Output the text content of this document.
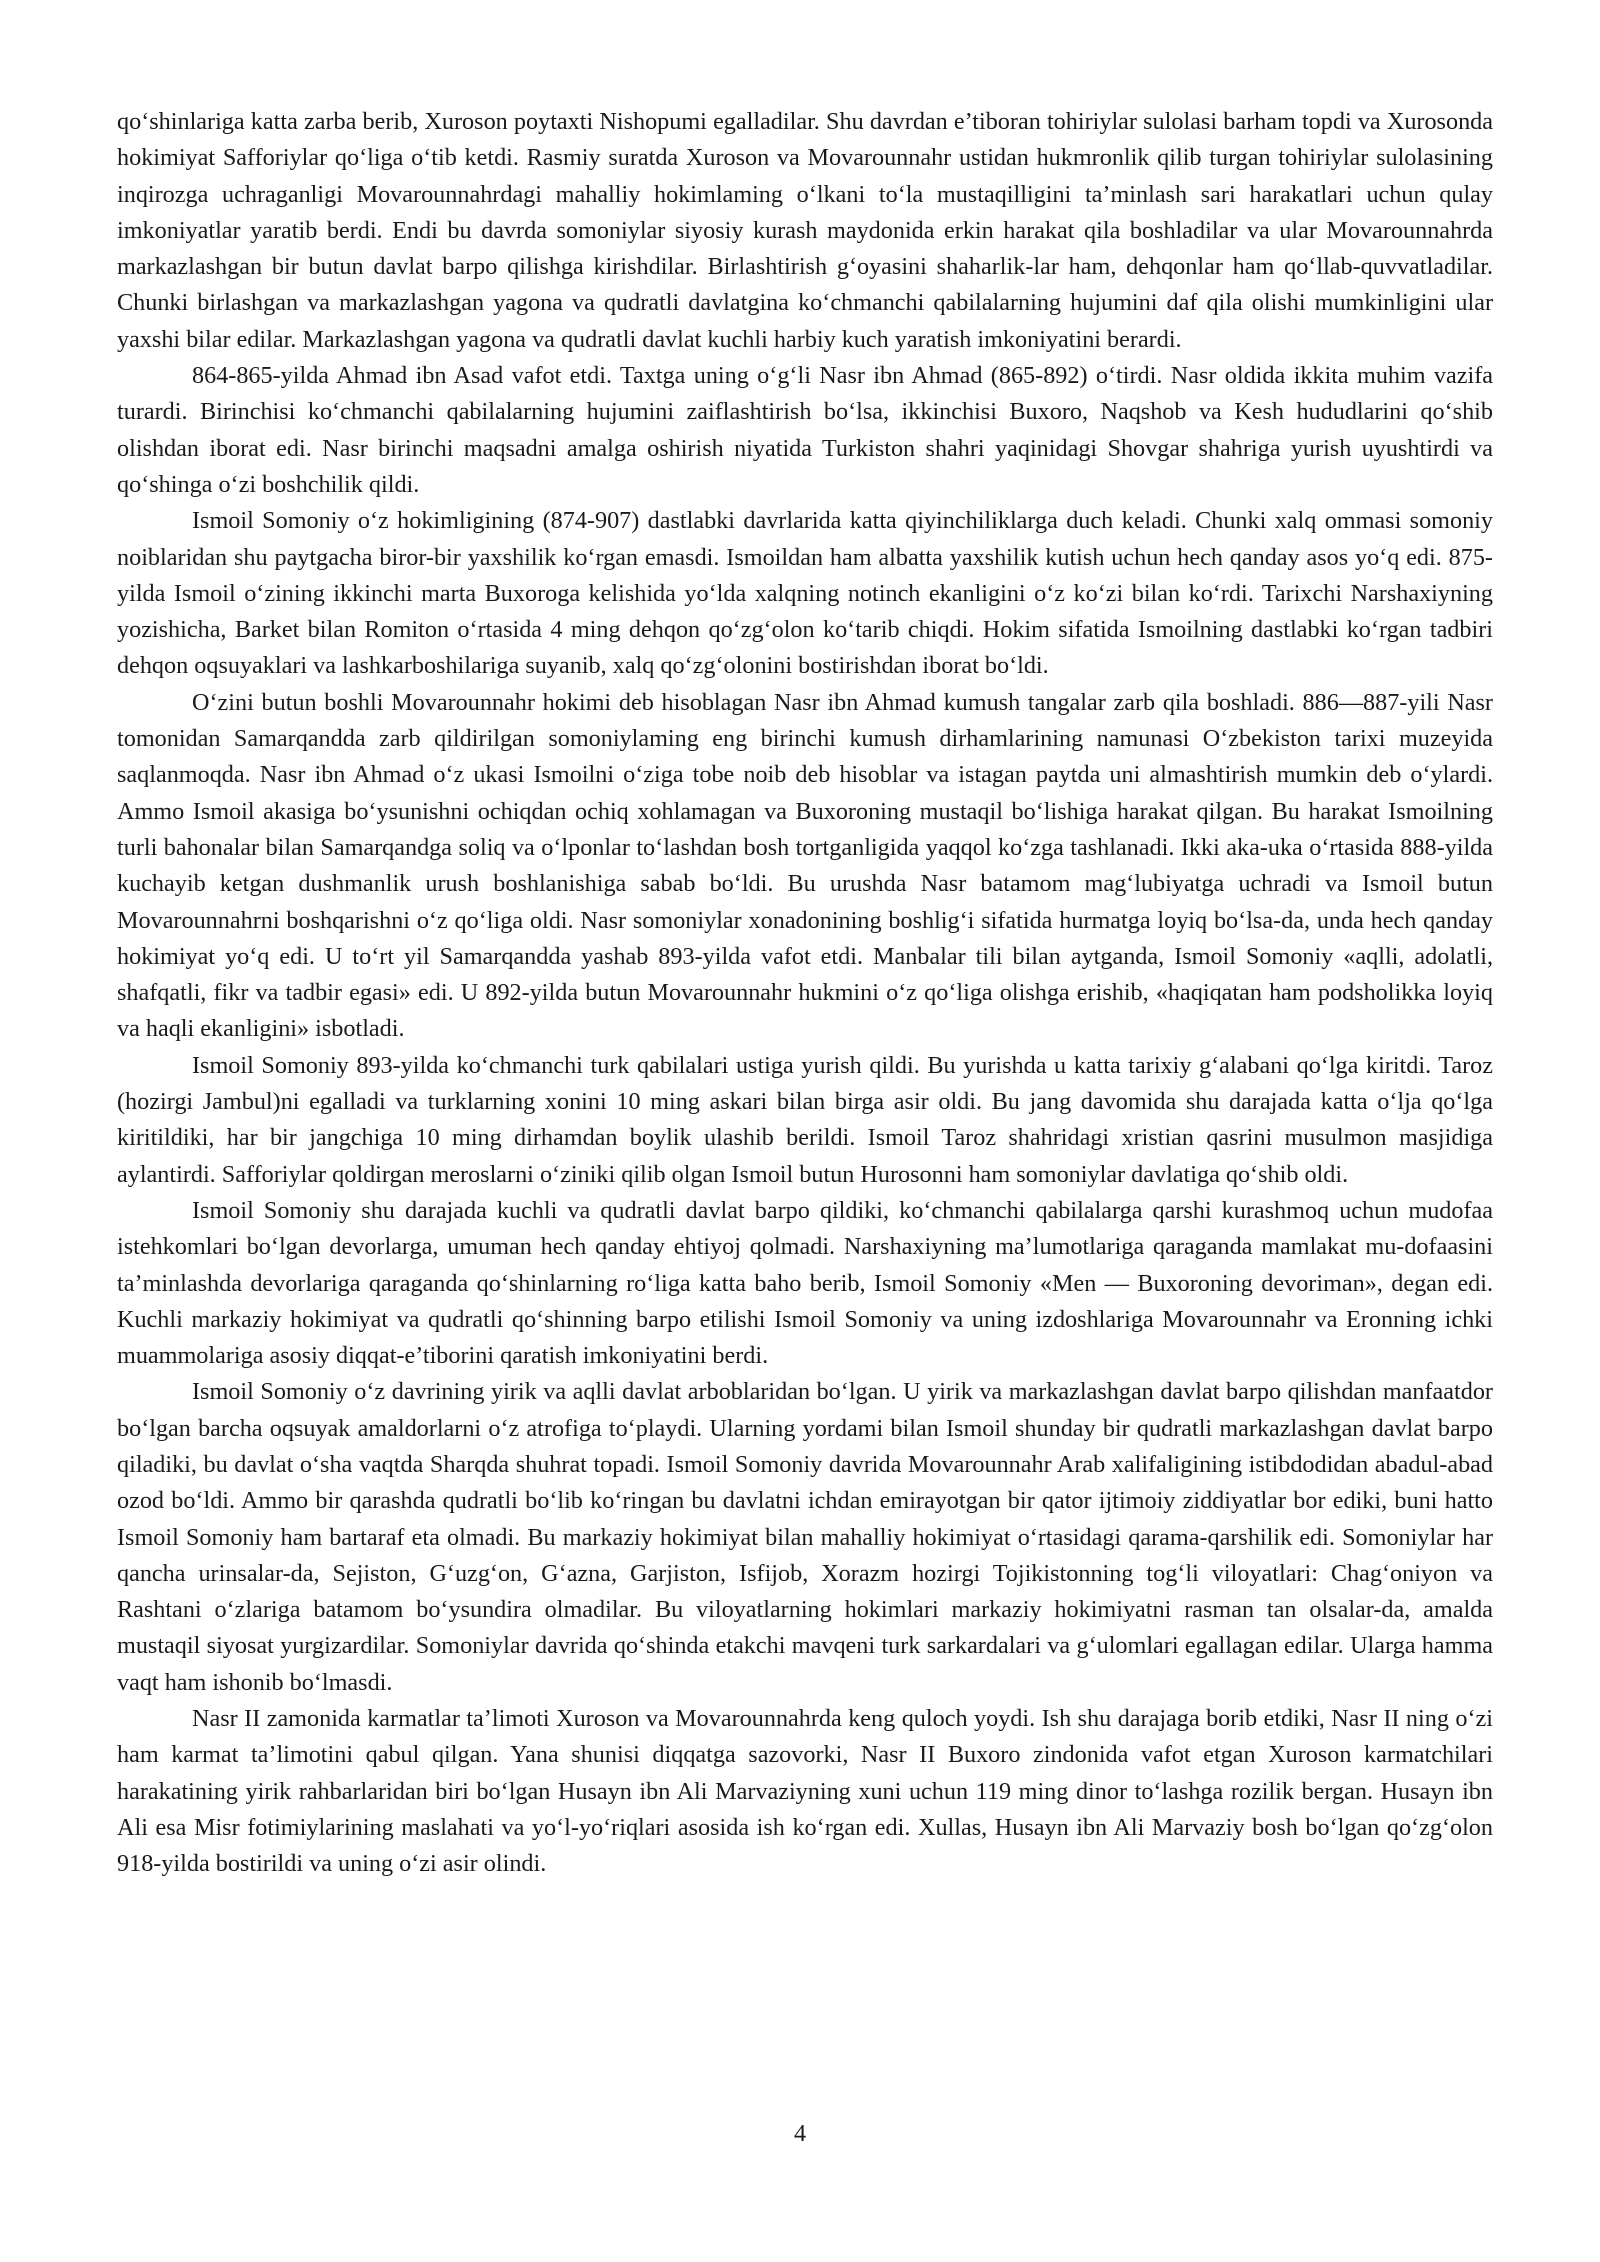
qo‘shinlariga katta zarba berib, Xuroson poytaxti Nishopumi egalladilar. Shu davrdan e’tiboran tohiriylar sulolasi barham topdi va Xurosonda hokimiyat Safforiylar qo‘liga o‘tib ketdi. Rasmiy suratda Xuroson va Movarounnahr ustidan hukmronlik qilib turgan tohiriylar sulolasining inqirozga uchraganligi Movarounnahrdagi mahalliy hokimlaming o‘lkani to‘la mustaqilligini ta’minlash sari harakatlari uchun qulay imkoniyatlar yaratib berdi. Endi bu davrda somoniylar siyosiy kurash maydonida erkin harakat qila boshladilar va ular Movarounnahrda markazlashgan bir butun davlat barpo qilishga kirishdilar. Birlashtirish g‘oyasini shaharlik-lar ham, dehqonlar ham qo‘llab-quvvatladilar. Chunki birlashgan va markazlashgan yagona va qudratli davlatgina ko‘chmanchi qabilalarning hujumini daf qila olishi mumkinligini ular yaxshi bilar edilar. Markazlashgan yagona va qudratli davlat kuchli harbiy kuch yaratish imkoniyatini berardi.

864-865-yilda Ahmad ibn Asad vafot etdi. Taxtga uning o‘g‘li Nasr ibn Ahmad (865-892) o‘tirdi. Nasr oldida ikkita muhim vazifa turardi. Birinchisi ko‘chmanchi qabilalarning hujumini zaiflashtirish bo‘lsa, ikkinchisi Buxoro, Naqshob va Kesh hududlarini qo‘shib olishdan iborat edi. Nasr birinchi maqsadni amalga oshirish niyatida Turkiston shahri yaqinidagi Shovgar shahriga yurish uyushtirdi va qo‘shinga o‘zi boshchilik qildi.

Ismoil Somoniy o‘z hokimligining (874-907) dastlabki davrlarida katta qiyinchiliklarga duch keladi. Chunki xalq ommasi somoniy noiblaridan shu paytgacha biror-bir yaxshilik ko‘rgan emasdi. Ismoildan ham albatta yaxshilik kutish uchun hech qanday asos yo‘q edi. 875-yilda Ismoil o‘zining ikkinchi marta Buxoroga kelishida yo‘lda xalqning notinch ekanligini o‘z ko‘zi bilan ko‘rdi. Tarixchi Narshaxiyning yozishicha, Barket bilan Romiton o‘rtasida 4 ming dehqon qo‘zg‘olon ko‘tarib chiqdi. Hokim sifatida Ismoilning dastlabki ko‘rgan tadbiri dehqon oqsuyaklari va lashkarboshilariga suyanib, xalq qo‘zg‘olonini bostirishdan iborat bo‘ldi.

O‘zini butun boshli Movarounnahr hokimi deb hisoblagan Nasr ibn Ahmad kumush tangalar zarb qila boshladi. 886—887-yili Nasr tomonidan Samarqandda zarb qildirilgan somoniylaming eng birinchi kumush dirhamlarining namunasi O‘zbekiston tarixi muzeyida saqlanmoqda. Nasr ibn Ahmad o‘z ukasi Ismoilni o‘ziga tobe noib deb hisoblar va istagan paytda uni almashtirish mumkin deb o‘ylardi. Ammo Ismoil akasiga bo‘ysunishni ochiqdan ochiq xohlamagan va Buxoroning mustaqil bo‘lishiga harakat qilgan. Bu harakat Ismoilning turli bahonalar bilan Samarqandga soliq va o‘lponlar to‘lashdan bosh tortganligida yaqqol ko‘zga tashlanadi. Ikki aka-uka o‘rtasida 888-yilda kuchayib ketgan dushmanlik urush boshlanishiga sabab bo‘ldi. Bu urushda Nasr batamom mag‘lubiyatga uchradi va Ismoil butun Movarounnahrni boshqarishni o‘z qo‘liga oldi. Nasr somoniylar xonadonining boshlig‘i sifatida hurmatga loyiq bo‘lsa-da, unda hech qanday hokimiyat yo‘q edi. U to‘rt yil Samarqandda yashab 893-yilda vafot etdi. Manbalar tili bilan aytganda, Ismoil Somoniy «aqlli, adolatli, shafqatli, fikr va tadbir egasi» edi. U 892-yilda butun Movarounnahr hukmini o‘z qo‘liga olishga erishib, «haqiqatan ham podsholikka loyiq va haqli ekanligini» isbotladi.

Ismoil Somoniy 893-yilda ko‘chmanchi turk qabilalari ustiga yurish qildi. Bu yurishda u katta tarixiy g‘alabani qo‘lga kiritdi. Taroz (hozirgi Jambul)ni egalladi va turklarning xonini 10 ming askari bilan birga asir oldi. Bu jang davomida shu darajada katta o‘lja qo‘lga kiritildiki, har bir jangchiga 10 ming dirhamdan boylik ulashib berildi. Ismoil Taroz shahridagi xristian qasrini musulmon masjidiga aylantirdi. Safforiylar qoldirgan meroslarni o‘ziniki qilib olgan Ismoil butun Hurosonni ham somoniylar davlatiga qo‘shib oldi.

Ismoil Somoniy shu darajada kuchli va qudratli davlat barpo qildiki, ko‘chmanchi qabilalarga qarshi kurashmoq uchun mudofaa istehkomlari bo‘lgan devorlarga, umuman hech qanday ehtiyoj qolmadi. Narshaxiyning ma’lumotlariga qaraganda mamlakat mu-dofaasini ta’minlashda devorlariga qaraganda qo‘shinlarning ro‘liga katta baho berib, Ismoil Somoniy «Men — Buxoroning devoriman», degan edi. Kuchli markaziy hokimiyat va qudratli qo‘shinning barpo etilishi Ismoil Somoniy va uning izdoshlariga Movarounnahr va Eronning ichki muammolariga asosiy diqqat-e’tiborini qaratish imkoniyatini berdi.

Ismoil Somoniy o‘z davrining yirik va aqlli davlat arboblaridan bo‘lgan. U yirik va markazlashgan davlat barpo qilishdan manfaatdor bo‘lgan barcha oqsuyak amaldorlarni o‘z atrofiga to‘playdi. Ularning yordami bilan Ismoil shunday bir qudratli markazlashgan davlat barpo qiladiki, bu davlat o‘sha vaqtda Sharqda shuhrat topadi. Ismoil Somoniy davrida Movarounnahr Arab xalifaligining istibdodidan abadul-abad ozod bo‘ldi. Ammo bir qarashda qudratli bo‘lib ko‘ringan bu davlatni ichdan emirayotgan bir qator ijtimoiy ziddiyatlar bor ediki, buni hatto Ismoil Somoniy ham bartaraf eta olmadi. Bu markaziy hokimiyat bilan mahalliy hokimiyat o‘rtasidagi qarama-qarshilik edi. Somoniylar har qancha urinsalar-da, Sejiston, G‘uzg‘on, G‘azna, Garjiston, Isfijob, Xorazm hozirgi Tojikistonning tog‘li viloyatlari: Chag‘oniyon va Rashtani o‘zlariga batamom bo‘ysundira olmadilar. Bu viloyatlarning hokimlari markaziy hokimiyatni rasman tan olsalar-da, amalda mustaqil siyosat yurgizardilar. Somoniylar davrida qo‘shinda etakchi mavqeni turk sarkardalari va g‘ulomlari egallagan edilar. Ularga hamma vaqt ham ishonib bo‘lmasdi.

Nasr II zamonida karmatlar ta’limoti Xuroson va Movarounnahrda keng quloch yoydi. Ish shu darajaga borib etdiki, Nasr II ning o‘zi ham karmat ta’limotini qabul qilgan. Yana shunisi diqqatga sazovorki, Nasr II Buxoro zindonida vafot etgan Xuroson karmatchilari harakatining yirik rahbarlaridan biri bo‘lgan Husayn ibn Ali Marvaziyning xuni uchun 119 ming dinor to‘lashga rozilik bergan. Husayn ibn Ali esa Misr fotimiylarining maslahati va yo‘l-yo‘riqlari asosida ish ko‘rgan edi. Xullas, Husayn ibn Ali Marvaziy bosh bo‘lgan qo‘zg‘olon 918-yilda bostirildi va uning o‘zi asir olindi.

4
